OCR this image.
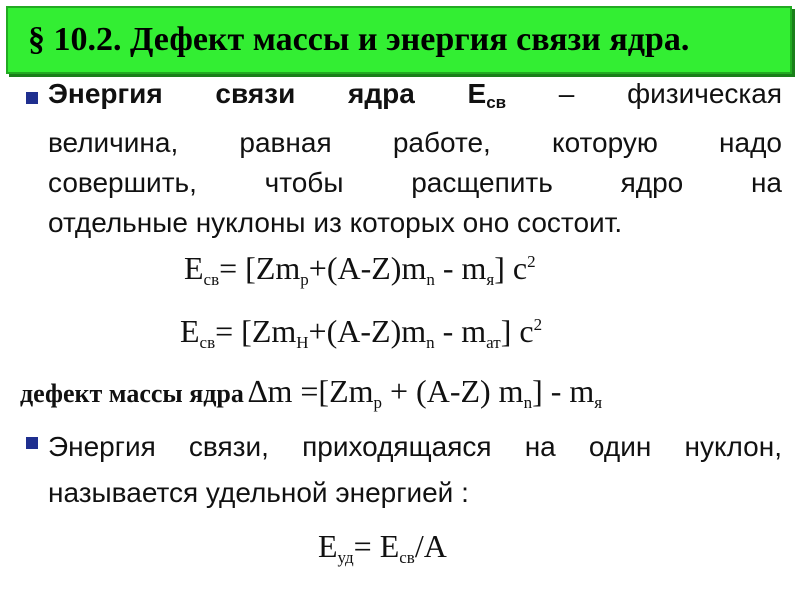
§ 10.2. Дефект массы и энергия связи ядра.
Энергия связи ядра $Е_{св}$ – физическая
величина, равная работе, которую надо
совершить, чтобы расщепить ядро на
отдельные нуклоны из которых оно состоит.
$E_{св}= [Zm_p+(A-Z)m_n - m_я]$ $c^2$
$E_{св}= [Zm_H+(A-Z)m_n - m_{ат}]$ $c^2$
дефект массы ядра $\Delta m =[Zm_p + (A-Z)$ $m_n] - m_я$
Энергия связи, приходящаяся на один нуклон,
называется удельной энергией :
$E_{уд}= E_{св}/A$
